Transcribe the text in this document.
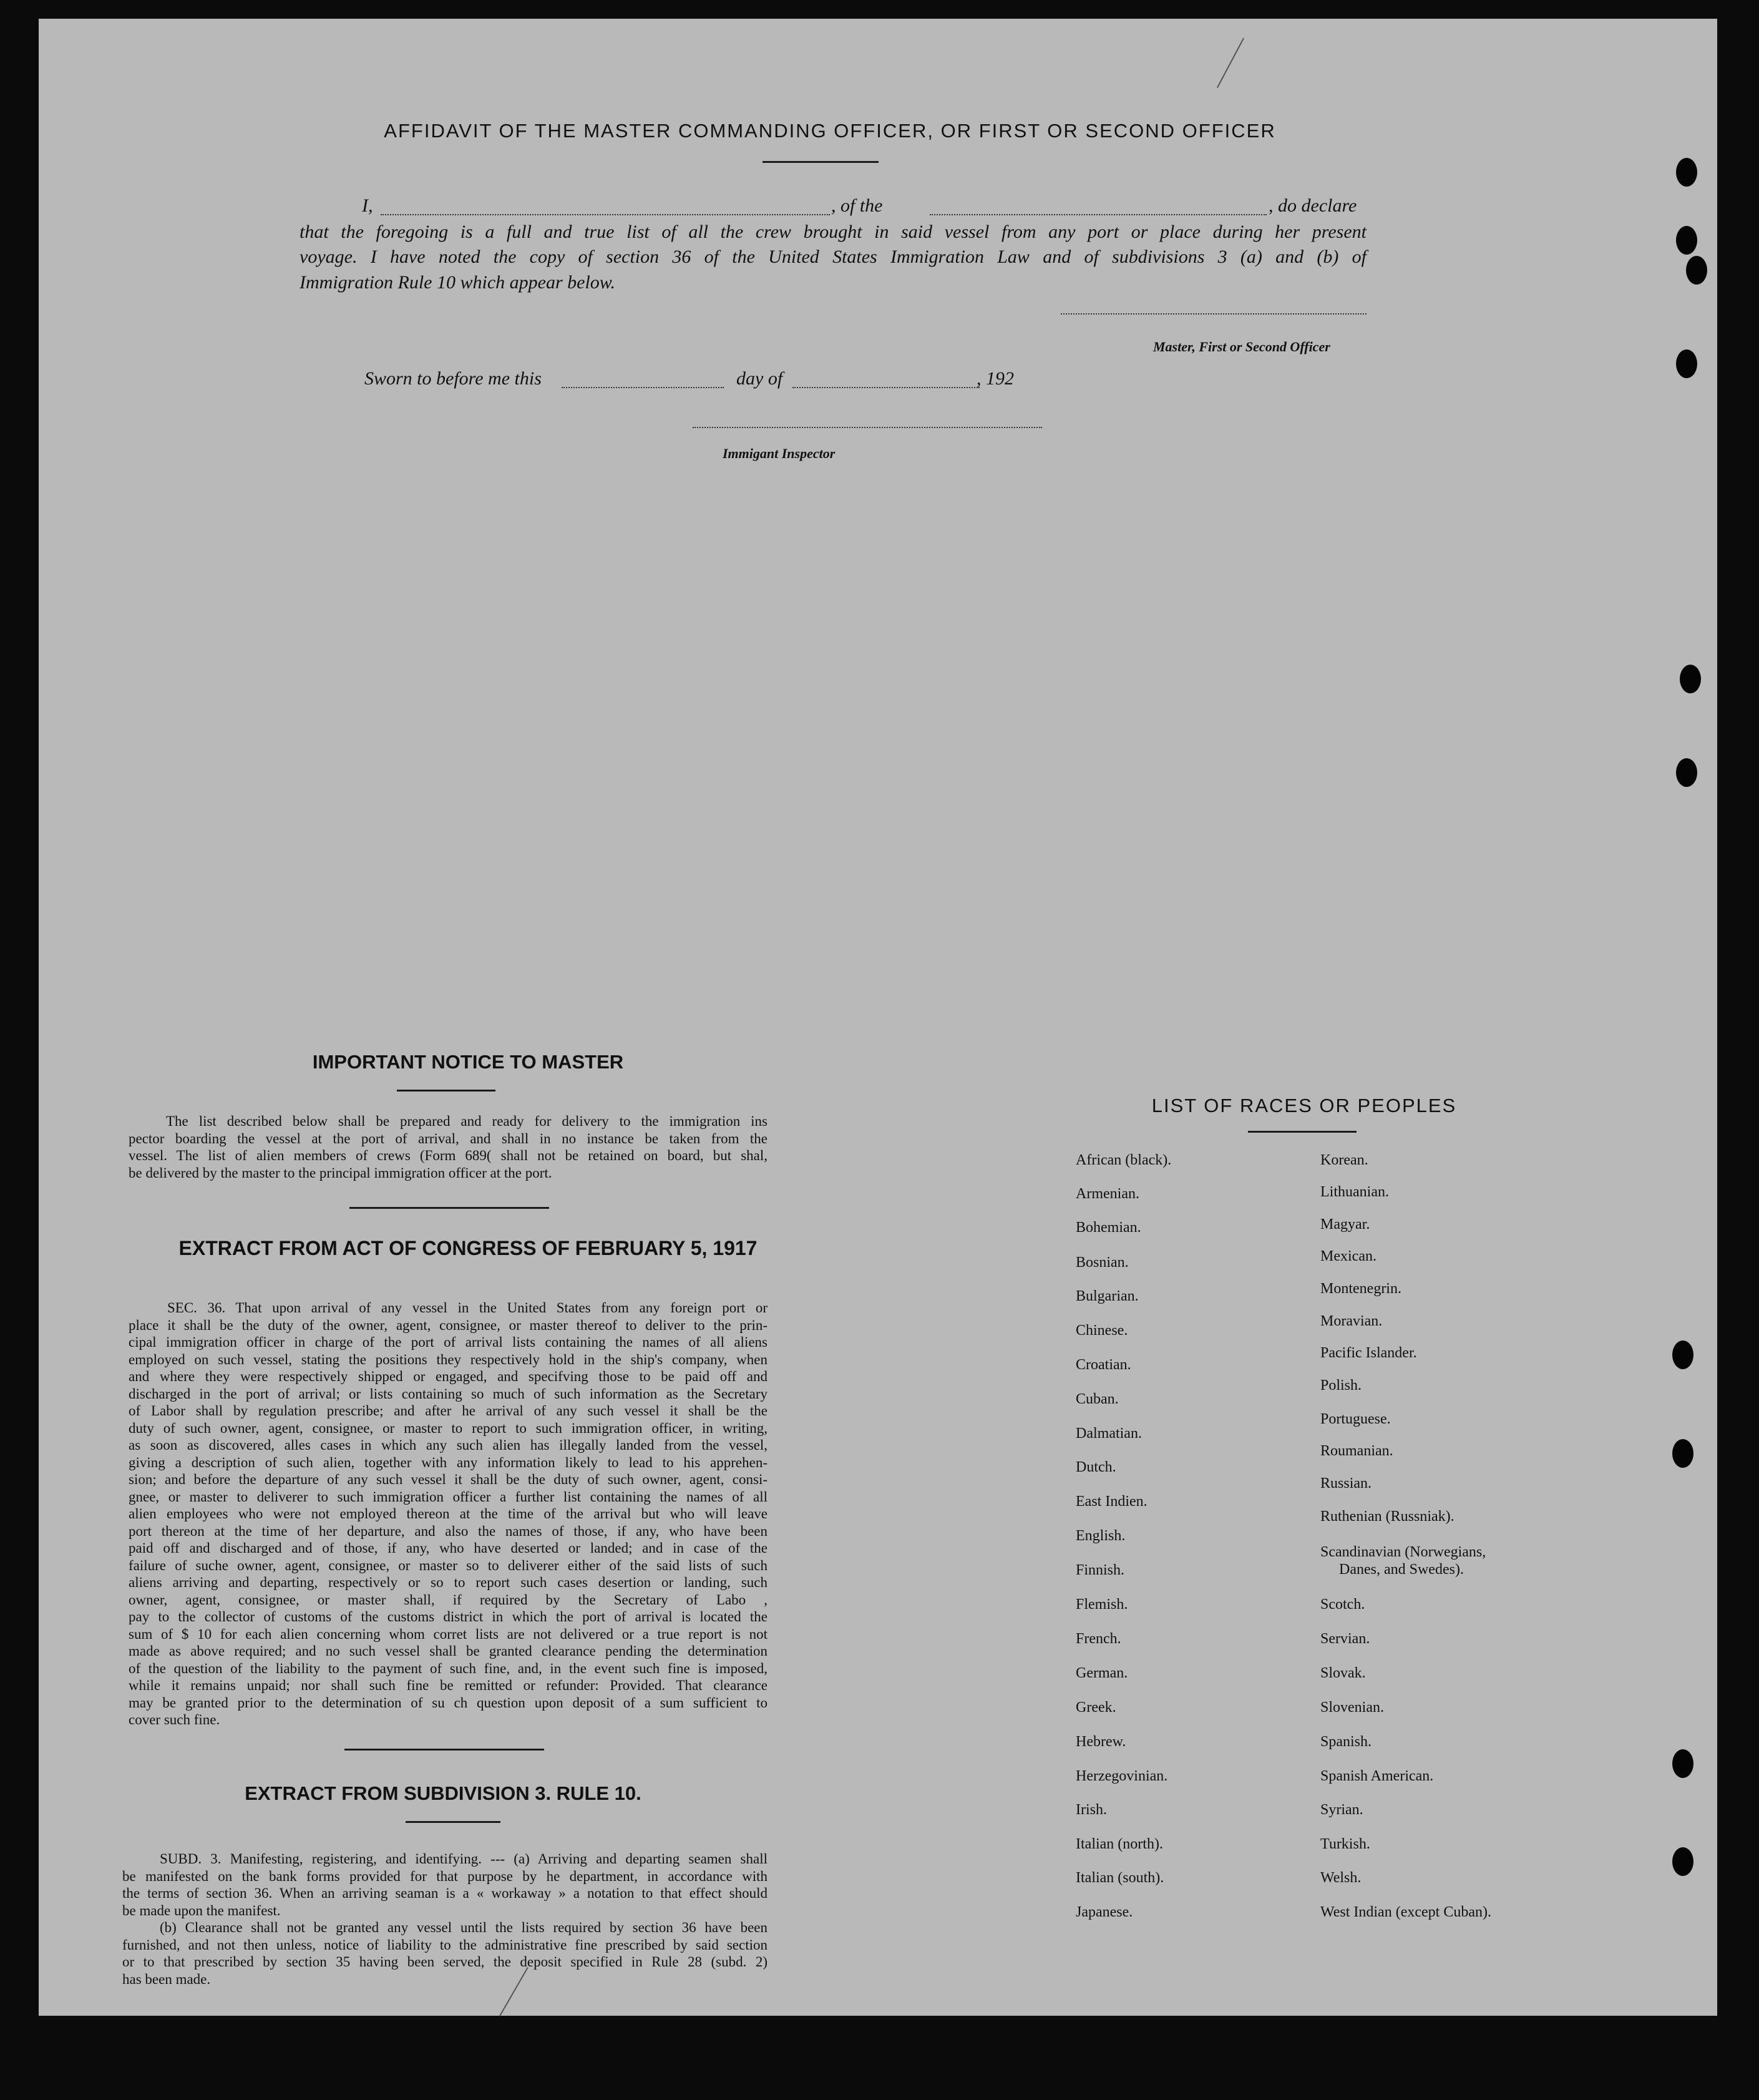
AFFIDAVIT OF THE MASTER COMMANDING OFFICER, OR FIRST OR SECOND OFFICER
I,	, of the	, do declare
that the foregoing is a full and true list of all the crew brought in said vessel from any port or place during her present
voyage. I have noted the copy of section 36 of the United States Immigration Law and of subdivisions 3 (a) and (b) of
Immigration Rule 10 which appear below.
Master, First or Second Officer
Sworn to before me this	day of	, 192
Immigant Inspector
IMPORTANT NOTICE TO MASTER
The list described below shall be prepared and ready for delivery to the immigration ins
pector boarding the vessel at the port of arrival, and shall in no instance be taken from the
vessel. The list of alien members of crews (Form 689( shall not be retained on board, but shal,
be delivered by the master to the principal immigration officer at the port.
EXTRACT FROM ACT OF CONGRESS OF FEBRUARY 5, 1917
SEC. 36. That upon arrival of any vessel in the United States from any foreign port or
place it shall be the duty of the owner, agent, consignee, or master thereof to deliver to the prin-
cipal immigration officer in charge of the port of arrival lists containing the names of all aliens
employed on such vessel, stating the positions they respectively hold in the ship's company, when
and where they were respectively shipped or engaged, and specifving those to be paid off and
discharged in the port of arrival; or lists containing so much of such information as the Secretary
of Labor shall by regulation prescribe; and after he arrival of any such vessel it shall be the
duty of such owner, agent, consignee, or master to report to such immigration officer, in writing,
as soon as discovered, alles cases in which any such alien has illegally landed from the vessel,
giving a description of such alien, together with any information likely to lead to his apprehen-
sion; and before the departure of any such vessel it shall be the duty of such owner, agent, consi-
gnee, or master to deliverer to such immigration officer a further list containing the names of all
alien employees who were not employed thereon at the time of the arrival but who will leave
port thereon at the time of her departure, and also the names of those, if any, who have been
paid off and discharged and of those, if any, who have deserted or landed; and in case of the
failure of suche owner, agent, consignee, or master so to deliverer either of the said lists of such
aliens arriving and departing, respectively or so to report such cases desertion or landing, such
owner, agent, consignee, or master shall, if required by the Secretary of Labo ,
pay to the collector of customs of the customs district in which the port of arrival is located the
sum of $ 10 for each alien concerning whom corret lists are not delivered or a true report is not
made as above required; and no such vessel shall be granted clearance pending the determination
of the question of the liability to the payment of such fine, and, in the event such fine is imposed,
while it remains unpaid; nor shall such fine be remitted or refunder: Provided. That clearance
may be granted prior to the determination of su ch question upon deposit of a sum sufficient to
cover such fine.
EXTRACT FROM SUBDIVISION 3. RULE 10.
SUBD. 3. Manifesting, registering, and identifying. --- (a) Arriving and departing seamen shall
be manifested on the bank forms provided for that purpose by he department, in accordance with
the terms of section 36. When an arriving seaman is a « workaway » a notation to that effect should
be made upon the manifest.
(b) Clearance shall not be granted any vessel until the lists required by section 36 have been
furnished, and not then unless, notice of liability to the administrative fine prescribed by said section
or to that prescribed by section 35 having been served, the deposit specified in Rule 28 (subd. 2)
has been made.
LIST OF RACES OR PEOPLES
African (black).
Armenian.
Bohemian.
Bosnian.
Bulgarian.
Chinese.
Croatian.
Cuban.
Dalmatian.
Dutch.
East Indien.
English.
Finnish.
Flemish.
French.
German.
Greek.
Hebrew.
Herzegovinian.
Irish.
Italian (north).
Italian (south).
Japanese.
Korean.
Lithuanian.
Magyar.
Mexican.
Montenegrin.
Moravian.
Pacific Islander.
Polish.
Portuguese.
Roumanian.
Russian.
Ruthenian (Russniak).
Scandinavian (Norwegians,
Danes, and Swedes).
Scotch.
Servian.
Slovak.
Slovenian.
Spanish.
Spanish American.
Syrian.
Turkish.
Welsh.
West Indian (except Cuban).
